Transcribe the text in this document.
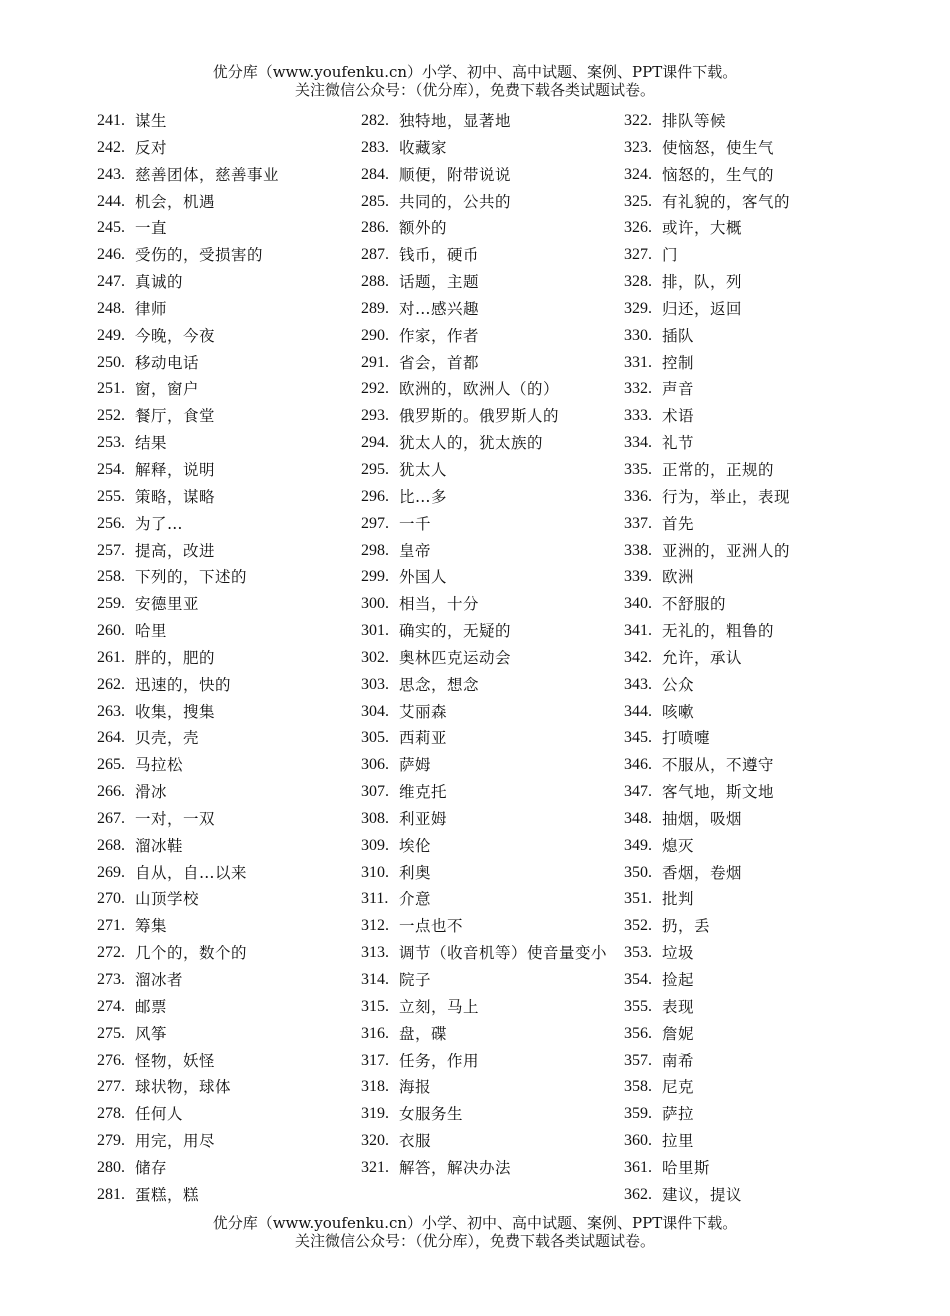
优分库（www.youfenku.cn）小学、初中、高中试题、案例、PPT课件下载。
关注微信公众号：（优分库），免费下载各类试题试卷。
241. 谋生
242. 反对
243. 慈善团体，慈善事业
244. 机会，机遇
245. 一直
246. 受伤的，受损害的
247. 真诚的
248. 律师
249. 今晚，今夜
250. 移动电话
251. 窗，窗户
252. 餐厅，食堂
253. 结果
254. 解释，说明
255. 策略，谋略
256. 为了…
257. 提高，改进
258. 下列的，下述的
259. 安德里亚
260. 哈里
261. 胖的，肥的
262. 迅速的，快的
263. 收集，搜集
264. 贝壳，壳
265. 马拉松
266. 滑冰
267. 一对，一双
268. 溜冰鞋
269. 自从，自…以来
270. 山顶学校
271. 筹集
272. 几个的，数个的
273. 溜冰者
274. 邮票
275. 风筝
276. 怪物，妖怪
277. 球状物，球体
278. 任何人
279. 用完，用尽
280. 储存
281. 蛋糕，糕
282. 独特地，显著地
283. 收藏家
284. 顺便，附带说说
285. 共同的，公共的
286. 额外的
287. 钱币，硬币
288. 话题，主题
289. 对…感兴趣
290. 作家，作者
291. 省会，首都
292. 欧洲的，欧洲人（的）
293. 俄罗斯的。俄罗斯人的
294. 犹太人的，犹太族的
295. 犹太人
296. 比…多
297. 一千
298. 皇帝
299. 外国人
300. 相当，十分
301. 确实的，无疑的
302. 奥林匹克运动会
303. 思念，想念
304. 艾丽森
305. 西莉亚
306. 萨姆
307. 维克托
308. 利亚姆
309. 埃伦
310. 利奥
311. 介意
312. 一点也不
313. 调节（收音机等）使音量变小
314. 院子
315. 立刻，马上
316. 盘，碟
317. 任务，作用
318. 海报
319. 女服务生
320. 衣服
321. 解答，解决办法
322. 排队等候
323. 使恼怒，使生气
324. 恼怒的，生气的
325. 有礼貌的，客气的
326. 或许，大概
327. 门
328. 排，队，列
329. 归还，返回
330. 插队
331. 控制
332. 声音
333. 术语
334. 礼节
335. 正常的，正规的
336. 行为，举止，表现
337. 首先
338. 亚洲的，亚洲人的
339. 欧洲
340. 不舒服的
341. 无礼的，粗鲁的
342. 允许，承认
343. 公众
344. 咳嗽
345. 打喷嚏
346. 不服从，不遵守
347. 客气地，斯文地
348. 抽烟，吸烟
349. 熄灭
350. 香烟，卷烟
351. 批判
352. 扔，丢
353. 垃圾
354. 捡起
355. 表现
356. 詹妮
357. 南希
358. 尼克
359. 萨拉
360. 拉里
361. 哈里斯
362. 建议，提议
优分库（www.youfenku.cn）小学、初中、高中试题、案例、PPT课件下载。
关注微信公众号：（优分库），免费下载各类试题试卷。
